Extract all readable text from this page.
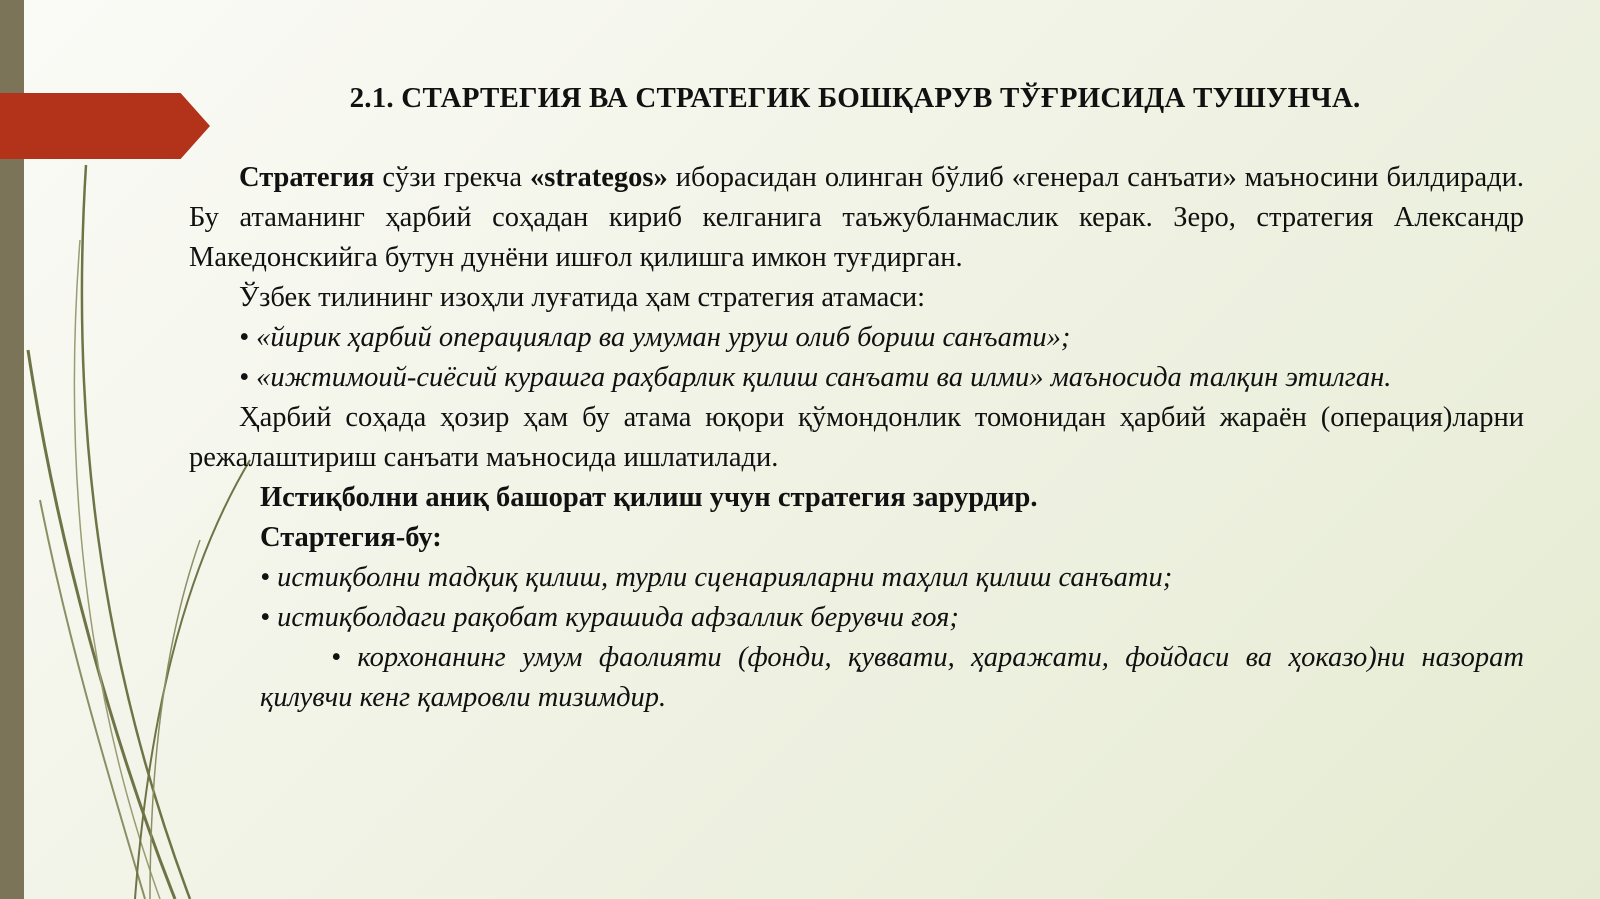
2.1. СТАРТЕГИЯ ВА СТРАТЕГИК БОШҚАРУВ ТЎҒРИСИДА ТУШУНЧА.

Стратегия сўзи грекча «strategos» иборасидан олинган бўлиб «генерал санъати» маъносини билдиради. Бу атаманинг ҳарбий соҳадан кириб келганига таъжубланмаслик керак. Зеро, стратегия Александр Македонскийга бутун дунёни ишғол қилишга имкон туғдирган.

Ўзбек тилининг изоҳли луғатида ҳам стратегия атамаси:

• «йирик ҳарбий операциялар ва умуман уруш олиб бориш санъати»;

• «ижтимоий-сиёсий курашга раҳбарлик қилиш санъати ва илми» маъносида талқин этилган.

Ҳарбий соҳада ҳозир ҳам бу атама юқори қўмондонлик томонидан ҳарбий жараён (операция)ларни режалаштириш санъати маъносида ишлатилади.

Истиқболни аниқ башорат қилиш учун стратегия зарурдир.

Стартегия-бу:

• истиқболни тадқиқ қилиш, турли сценарияларни таҳлил қилиш санъати;

• истиқболдаги рақобат курашида афзаллик берувчи ғоя;

• корхонанинг умум фаолияти (фонди, қуввати, ҳаражати, фойдаси ва ҳоказо)ни назорат қилувчи кенг қамровли тизимдир.
